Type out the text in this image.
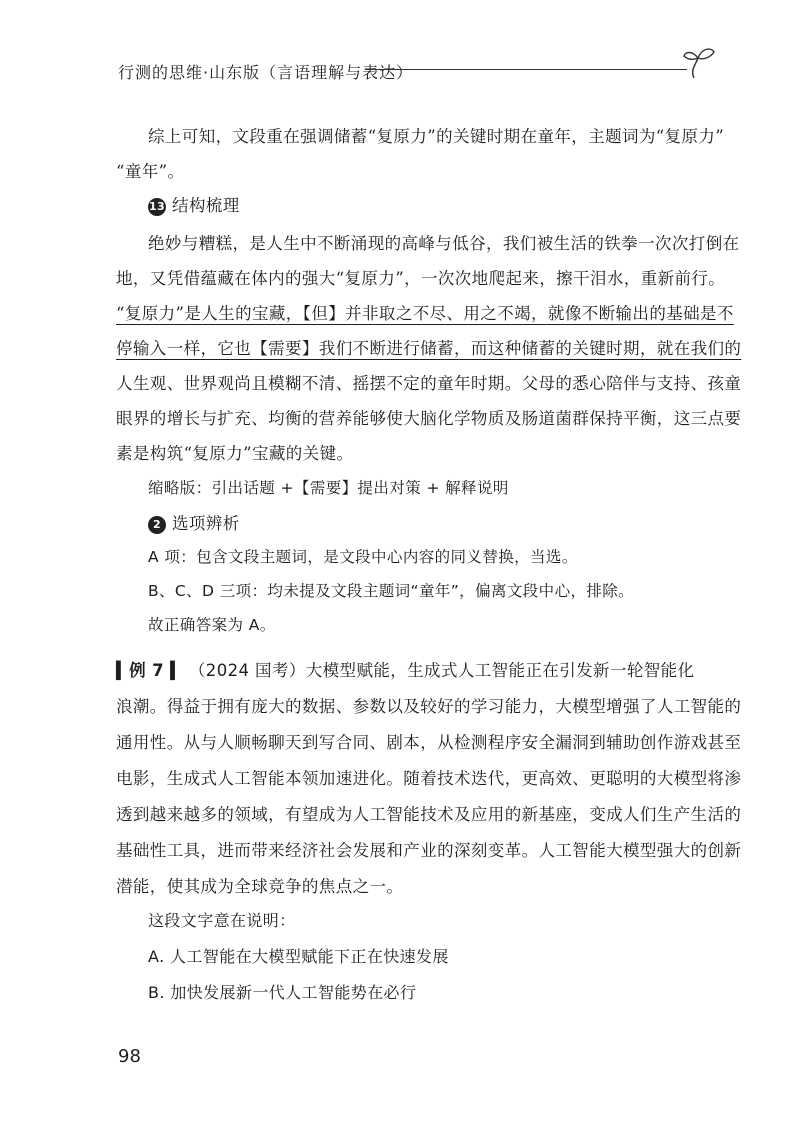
行测的思维·山东版（言语理解与表达）
综上可知，文段重在强调储蓄“复原力”的关键时期在童年，主题词为“复原力”
“童年”。
13 结构梳理
绝妙与糟糕，是人生中不断涌现的高峰与低谷，我们被生活的铁拳一次次打倒在
地，又凭借蕴藏在体内的强大“复原力”，一次次地爬起来，擦干泪水，重新前行。
“复原力”是人生的宝藏，【但】并非取之不尽、用之不竭，就像不断输出的基础是不
停输入一样，它也【需要】我们不断进行储蓄，而这种储蓄的关键时期，就在我们的
人生观、世界观尚且模糊不清、摇摆不定的童年时期。父母的悉心陪伴与支持、孩童
眼界的增长与扩充、均衡的营养能够使大脑化学物质及肠道菌群保持平衡，这三点要
素是构筑“复原力”宝藏的关键。
缩略版：引出话题 +【需要】提出对策 + 解释说明
2 选项辨析
A 项：包含文段主题词，是文段中心内容的同义替换，当选。
B、C、D 三项：均未提及文段主题词“童年”，偏离文段中心，排除。
故正确答案为 A。
▍例 7 ▍ （2024 国考）大模型赋能，生成式人工智能正在引发新一轮智能化
浪潮。得益于拥有庞大的数据、参数以及较好的学习能力，大模型增强了人工智能的
通用性。从与人顺畅聊天到写合同、剧本，从检测程序安全漏洞到辅助创作游戏甚至
电影，生成式人工智能本领加速进化。随着技术迭代，更高效、更聪明的大模型将渗
透到越来越多的领域，有望成为人工智能技术及应用的新基座，变成人们生产生活的
基础性工具，进而带来经济社会发展和产业的深刻变革。人工智能大模型强大的创新
潜能，使其成为全球竞争的焦点之一。
这段文字意在说明：
A. 人工智能在大模型赋能下正在快速发展
B. 加快发展新一代人工智能势在必行
98
